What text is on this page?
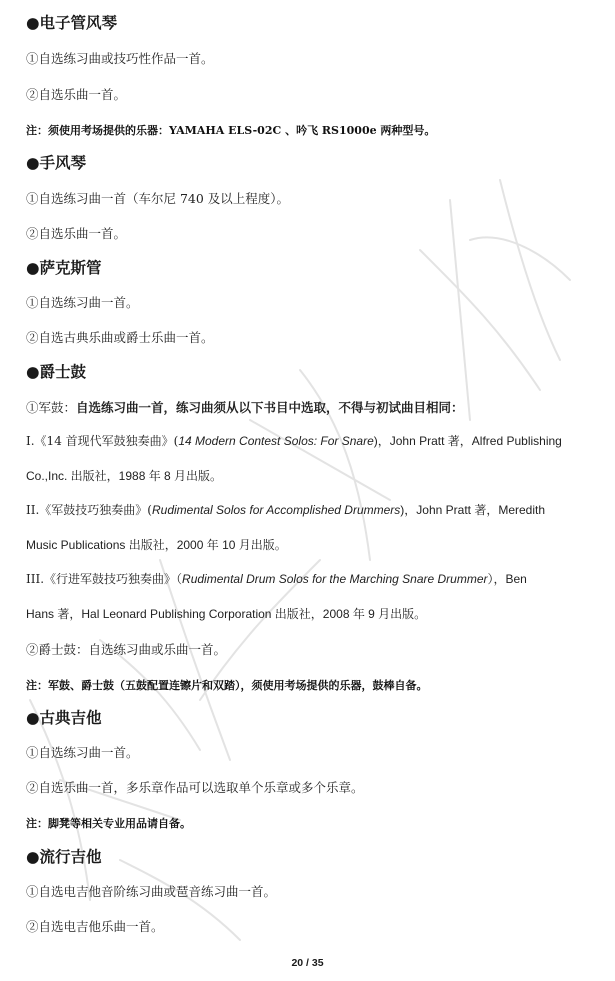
●电子管风琴
①自选练习曲或技巧性作品一首。
②自选乐曲一首。
注：须使用考场提供的乐器：YAMAHA ELS-02C 、吟飞 RS1000e 两种型号。
●手风琴
①自选练习曲一首（车尔尼 740 及以上程度）。
②自选乐曲一首。
●萨克斯管
①自选练习曲一首。
②自选古典乐曲或爵士乐曲一首。
●爵士鼓
①军鼓：自选练习曲一首，练习曲须从以下书目中选取，不得与初试曲目相同：
I.《14 首现代军鼓独奏曲》(14 Modern Contest Solos: For Snare)，John Pratt 著，Alfred Publishing
Co.,Inc. 出版社，1988 年 8 月出版。
II.《军鼓技巧独奏曲》(Rudimental Solos for Accomplished Drummers)，John Pratt 著，Meredith
Music Publications 出版社，2000 年 10 月出版。
III.《行进军鼓技巧独奏曲》（Rudimental Drum Solos for the Marching Snare Drummer），Ben
Hans 著，Hal Leonard Publishing Corporation 出版社，2008 年 9 月出版。
②爵士鼓：自选练习曲或乐曲一首。
注：军鼓、爵士鼓（五鼓配置连镲片和双踏），须使用考场提供的乐器，鼓棒自备。
●古典吉他
①自选练习曲一首。
②自选乐曲一首，多乐章作品可以选取单个乐章或多个乐章。
注：脚凳等相关专业用品请自备。
●流行吉他
①自选电吉他音阶练习曲或琶音练习曲一首。
②自选电吉他乐曲一首。
20 / 35
